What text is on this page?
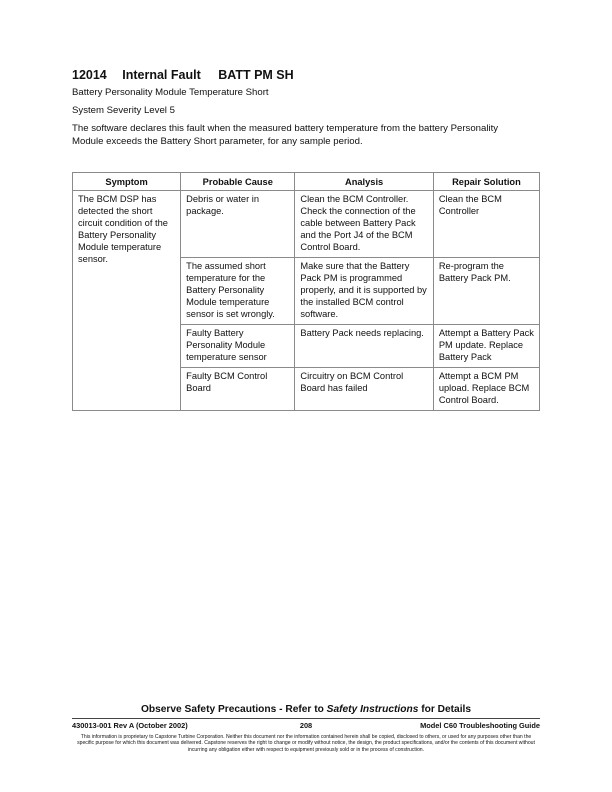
12014 Internal Fault BATT PM SH
Battery Personality Module Temperature Short
System Severity Level 5
The software declares this fault when the measured battery temperature from the battery Personality Module exceeds the Battery Short parameter, for any sample period.
Symptom	Probable Cause	Analysis	Repair Solution
The BCM DSP has detected the short circuit condition of the Battery Personality Module temperature sensor.	Debris or water in package.	Clean the BCM Controller. Check the connection of the cable between Battery Pack and the Port J4 of the BCM Control Board.	Clean the BCM Controller
	The assumed short temperature for the Battery Personality Module temperature sensor is set wrongly.	Make sure that the Battery Pack PM is programmed properly, and it is supported by the installed BCM control software.	Re-program the Battery Pack PM.
	Faulty Battery Personality Module temperature sensor	Battery Pack needs replacing.	Attempt a Battery Pack PM update. Replace Battery Pack
	Faulty BCM Control Board	Circuitry on BCM Control Board has failed	Attempt a BCM PM upload. Replace BCM Control Board.
Observe Safety Precautions - Refer to Safety Instructions for Details
430013-001 Rev A (October 2002)	208	Model C60 Troubleshooting Guide
This information is proprietary to Capstone Turbine Corporation. Neither this document nor the information contained herein shall be copied, disclosed to others, or used for any purposes other than the specific purpose for which this document was delivered. Capstone reserves the right to change or modify without notice, the design, the product specifications, and/or the contents of this document without incurring any obligation either with respect to equipment previously sold or in the process of construction.
